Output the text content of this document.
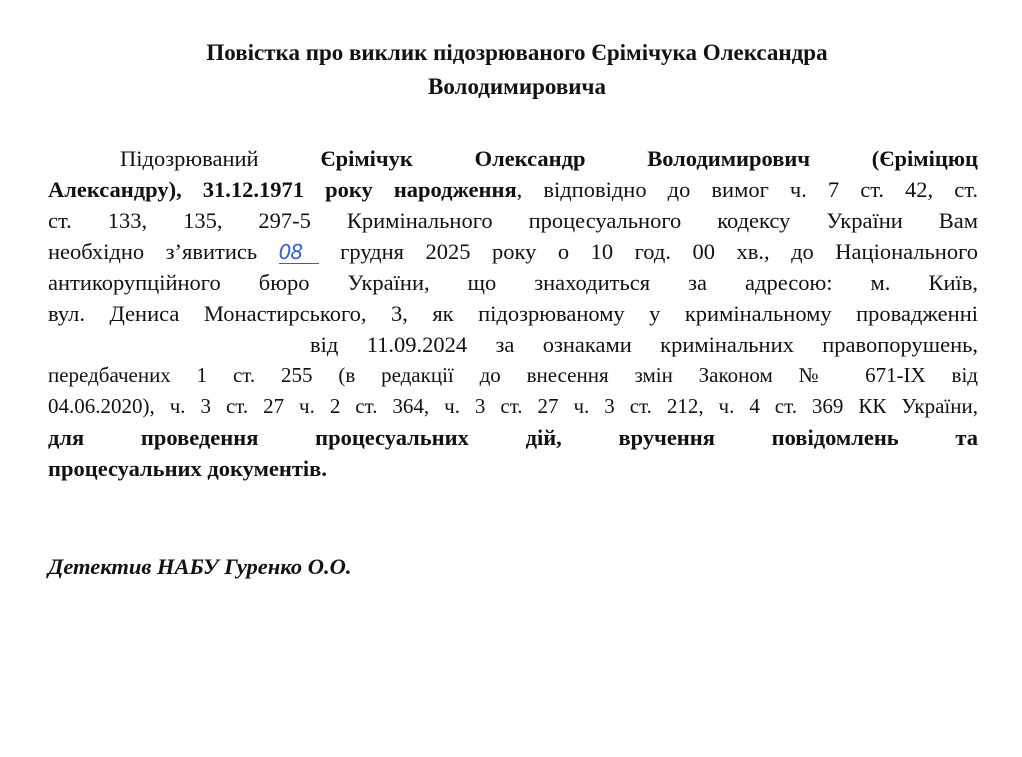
Повістка про виклик підозрюваного Єрімічука Олександра
Володимировича
Підозрюваний Єрімічук Олександр Володимирович (Єріміцюц
Александру), 31.12.1971 року народження, відповідно до вимог ч. 7 ст. 42, ст.
ст. 133, 135, 297-5 Кримінального процесуального кодексу України Вам
необхідно з’явитись 08 грудня 2025 року о 10 год. 00 хв., до Національного
антикорупційного бюро України, що знаходиться за адресою: м. Київ,
вул. Дениса Монастирського, 3, як підозрюваному у кримінальному провадженні
від 11.09.2024 за ознаками кримінальних правопорушень,
передбачених 1 ст. 255 (в редакції до внесення змін Законом № 671-IX від
04.06.2020), ч. 3 ст. 27 ч. 2 ст. 364, ч. 3 ст. 27 ч. 3 ст. 212, ч. 4 ст. 369 КК України,
для проведення процесуальних дій, вручення повідомлень та
процесуальних документів.

Детектив НАБУ Гуренко О.О.
